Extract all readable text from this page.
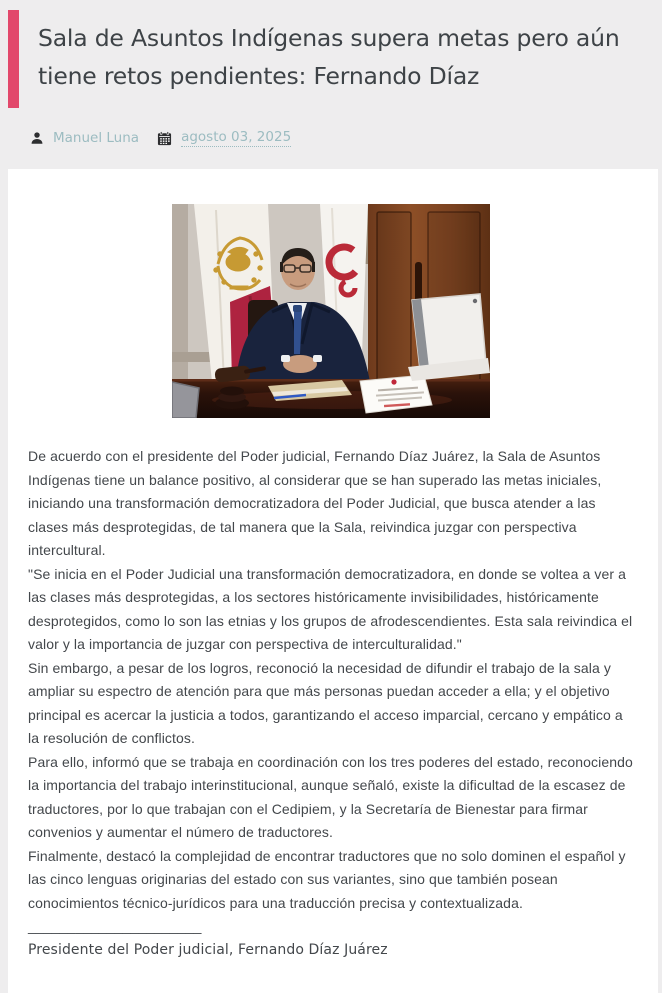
Sala de Asuntos Indígenas supera metas pero aún tiene retos pendientes: Fernando Díaz
Manuel Luna	agosto 03, 2025

De acuerdo con el presidente del Poder judicial, Fernando Díaz Juárez, la Sala de Asuntos Indígenas tiene un balance positivo, al considerar que se han superado las metas iniciales, iniciando una transformación democratizadora del Poder Judicial, que busca atender a las clases más desprotegidas, de tal manera que la Sala, reivindica juzgar con perspectiva intercultural.

"Se inicia en el Poder Judicial una transformación democratizadora, en donde se voltea a ver a las clases más desprotegidas, a los sectores históricamente invisibilidades, históricamente desprotegidos, como lo son las etnias y los grupos de afrodescendientes. Esta sala reivindica el valor y la importancia de juzgar con perspectiva de interculturalidad."

Sin embargo, a pesar de los logros, reconoció la necesidad de difundir el trabajo de la sala y ampliar su espectro de atención para que más personas puedan acceder a ella; y el objetivo principal es acercar la justicia a todos, garantizando el acceso imparcial, cercano y empático a la resolución de conflictos.

Para ello, informó que se trabaja en coordinación con los tres poderes del estado, reconociendo la importancia del trabajo interinstitucional, aunque señaló, existe la dificultad de la escasez de traductores, por lo que trabajan con el Cedipiem, y la Secretaría de Bienestar para firmar convenios y aumentar el número de traductores.

Finalmente, destacó la complejidad de encontrar traductores que no solo dominen el español y las cinco lenguas originarias del estado con sus variantes, sino que también posean conocimientos técnico-jurídicos para una traducción precisa y contextualizada.

______________________

Presidente del Poder judicial, Fernando Díaz Juárez
